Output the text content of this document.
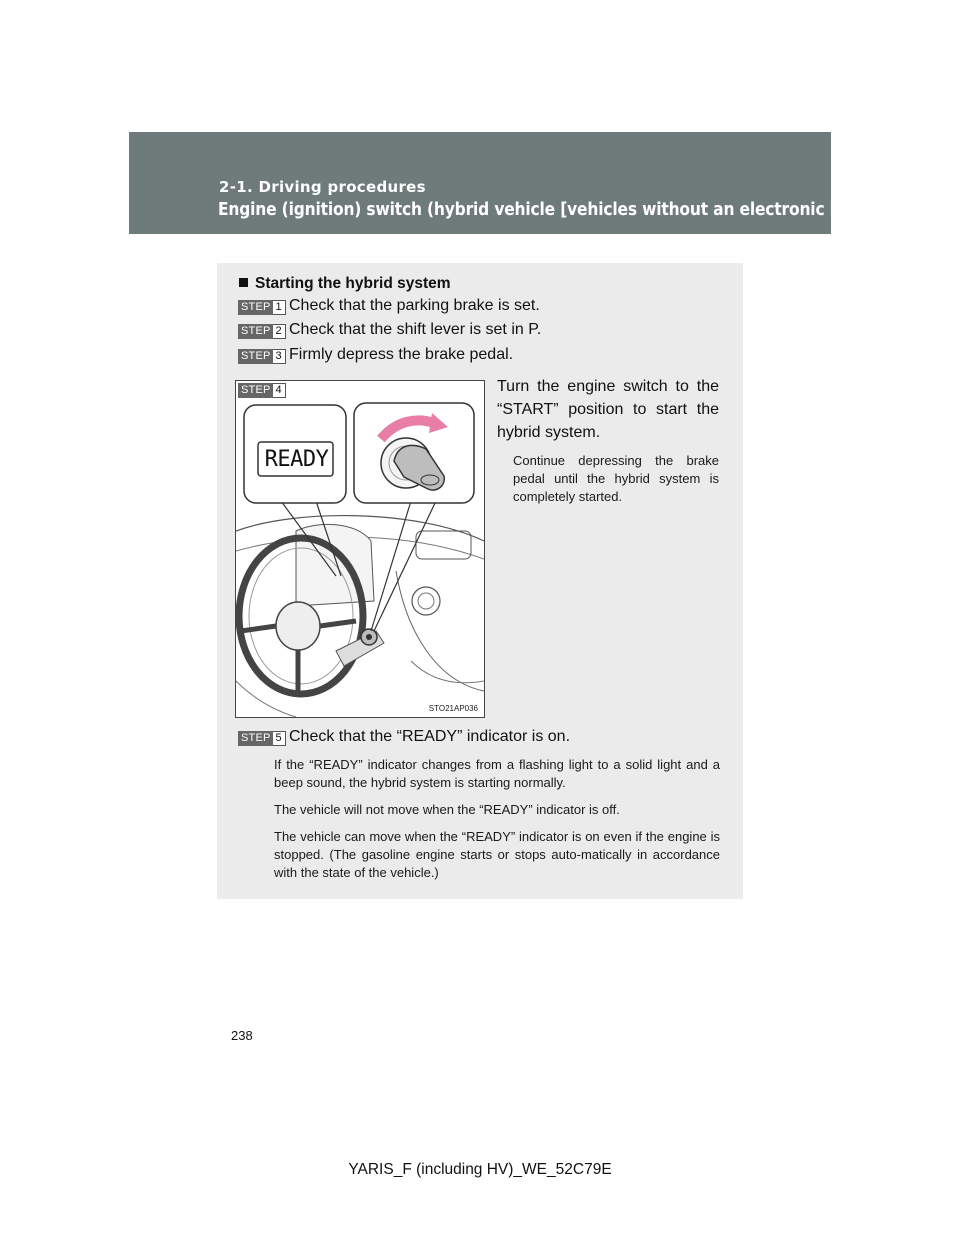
2-1. Driving procedures
Engine (ignition) switch (hybrid vehicle [vehicles without an electronic key])
Starting the hybrid system
STEP 1 Check that the parking brake is set.
STEP 2 Check that the shift lever is set in P.
STEP 3 Firmly depress the brake pedal.
STEP 4
READY
STO21AP036
Turn the engine switch to the “START” position to start the hybrid system.
Continue depressing the brake pedal until the hybrid system is completely started.
STEP 5 Check that the “READY” indicator is on.
If the “READY” indicator changes from a flashing light to a solid light and a beep sound, the hybrid system is starting normally.
The vehicle will not move when the “READY” indicator is off.
The vehicle can move when the “READY” indicator is on even if the engine is stopped. (The gasoline engine starts or stops auto-matically in accordance with the state of the vehicle.)
238
YARIS_F (including HV)_WE_52C79E
